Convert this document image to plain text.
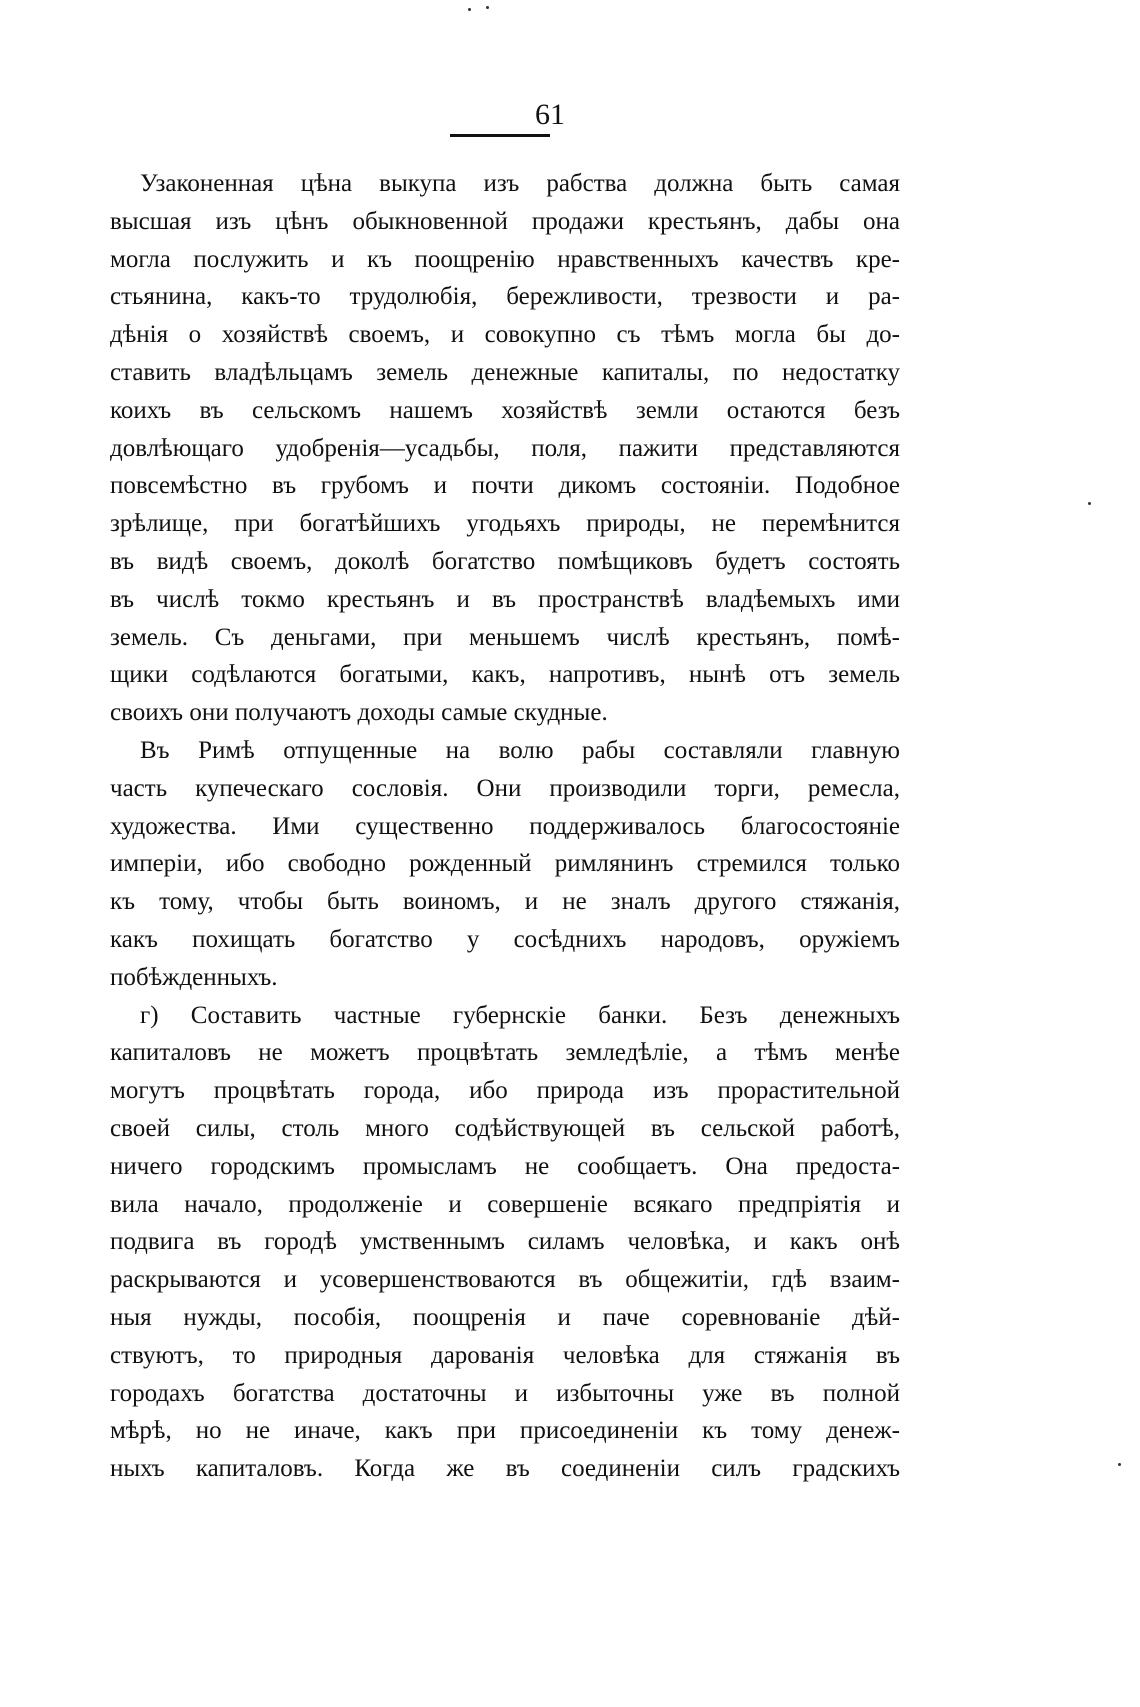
61

Узаконенная цѣна выкупа изъ рабства должна быть самая

высшая изъ цѣнъ обыкновенной продажи крестьянъ, дабы она

могла послужить и къ поощренію нравственныхъ качествъ кре-

стьянина, какъ-то трудолюбія, бережливости, трезвости и ра-

дѣнія о хозяйствѣ своемъ, и совокупно съ тѣмъ могла бы до-

ставить владѣльцамъ земель денежные капиталы, по недостатку

коихъ въ сельскомъ нашемъ хозяйствѣ земли остаются безъ

довлѣющаго удобренія—усадьбы, поля, пажити представляются

повсемѣстно въ грубомъ и почти дикомъ состояніи. Подобное

зрѣлище, при богатѣйшихъ угодьяхъ природы, не перемѣнится

въ видѣ своемъ, доколѣ богатство помѣщиковъ будетъ состоять

въ числѣ токмо крестьянъ и въ пространствѣ владѣемыхъ ими

земель. Съ деньгами, при меньшемъ числѣ крестьянъ, помѣ-

щики содѣлаются богатыми, какъ, напротивъ, нынѣ отъ земель

своихъ они получаютъ доходы самые скудные.

Въ Римѣ отпущенные на волю рабы составляли главную

часть купеческаго сословія. Они производили торги, ремесла,

художества. Ими существенно поддерживалось благосостояніе

имперіи, ибо свободно рожденный римлянинъ стремился только

къ тому, чтобы быть воиномъ, и не зналъ другого стяжанія,

какъ похищать богатство у сосѣднихъ народовъ, оружіемъ

побѣжденныхъ.

г) Составить частные губернскіе банки. Безъ денежныхъ

капиталовъ не можетъ процвѣтать земледѣліе, а тѣмъ менѣе

могутъ процвѣтать города, ибо природа изъ прорастительной

своей силы, столь много содѣйствующей въ сельской работѣ,

ничего городскимъ промысламъ не сообщаетъ. Она предоста-

вила начало, продолженіе и совершеніе всякаго предпріятія и

подвига въ городѣ умственнымъ силамъ человѣка, и какъ онѣ

раскрываются и усовершенствоваются въ общежитіи, гдѣ взаим-

ныя нужды, пособія, поощренія и паче соревнованіе дѣй-

ствуютъ, то природныя дарованія человѣка для стяжанія въ

городахъ богатства достаточны и избыточны уже въ полной

мѣрѣ, но не иначе, какъ при присоединеніи къ тому денеж-

ныхъ капиталовъ. Когда же въ соединеніи силъ градскихъ
